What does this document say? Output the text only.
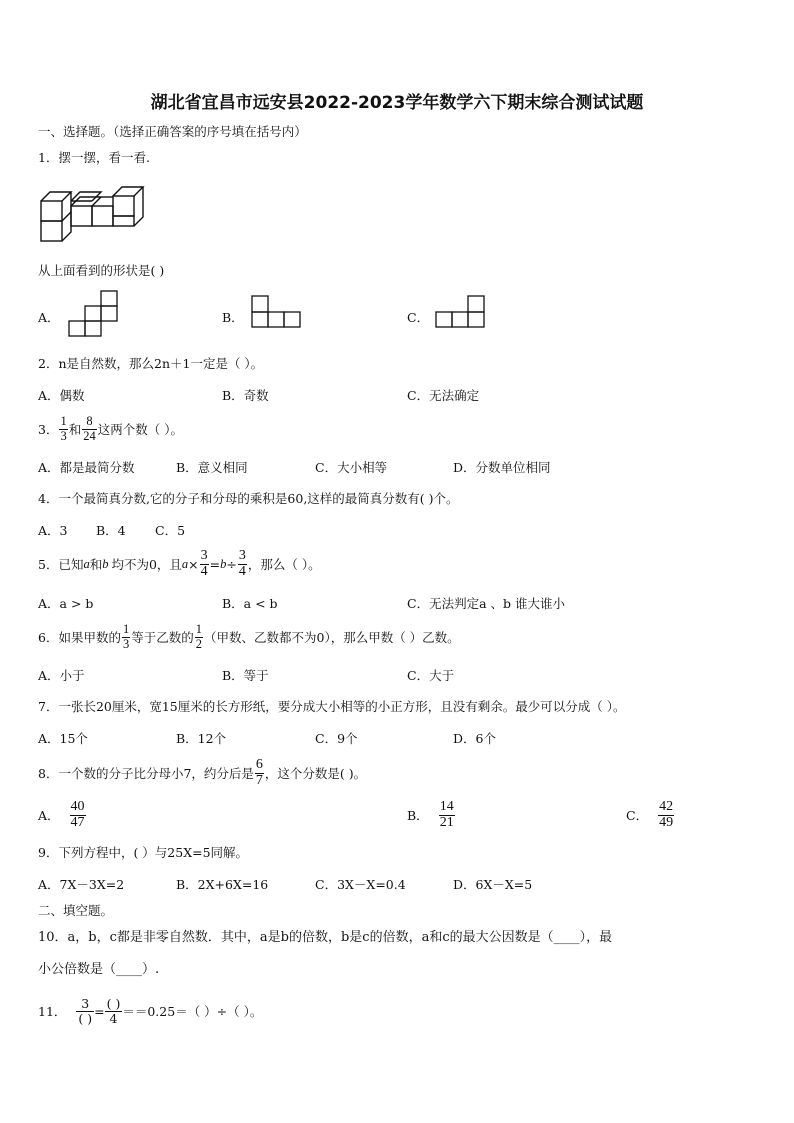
湖北省宜昌市远安县2022-2023学年数学六下期末综合测试试题
一、选择题。（选择正确答案的序号填在括号内）
1．摆一摆，看一看.
从上面看到的形状是( )
A．	B．	C．
2．n是自然数，那么2n＋1一定是（ ）。
A．偶数	B．奇数	C．无法确定
3． $\frac{1}{3}$ 和 $\frac{8}{24}$ 这两个数（ ）。
A．都是最简分数	B．意义相同	C．大小相等	D．分数单位相同
4．一个最简真分数,它的分子和分母的乘积是60,这样的最简真分数有( )个。
A．3 B．4 C．5
5．已知 a 和 b 均不为0，且 $a \times \frac{3}{4} = b \div \frac{3}{4}$ ，那么（ ）。
A．a > b	B．a < b	C．无法判定a 、b 谁大谁小
6．如果甲数的 $\frac{1}{3}$ 等于乙数的 $\frac{1}{2}$ （甲数、乙数都不为0），那么甲数（ ）乙数。
A．小于	B．等于	C．大于
7．一张长20厘米，宽15厘米的长方形纸，要分成大小相等的小正方形，且没有剩余。最少可以分成（ ）。
A．15个	B．12个	C．9个	D．6个
8．一个数的分子比分母小7，约分后是 $\frac{6}{7}$ ，这个分数是( )。
A． $\frac{40}{47}$	B． $\frac{14}{21}$	C． $\frac{42}{49}$
9．下列方程中，( ）与25X=5同解。
A．7X－3X=2	B．2X+6X=16	C．3X－X=0.4	D．6X－X=5
二、填空题。
10．a，b，c都是非零自然数．其中，a是b的倍数，b是c的倍数，a和c的最大公因数是（____），最
小公倍数是（____）.
11． $\frac{3}{( )} = \frac{( )}{4} ==0.25=$（ ）÷（ ）。
